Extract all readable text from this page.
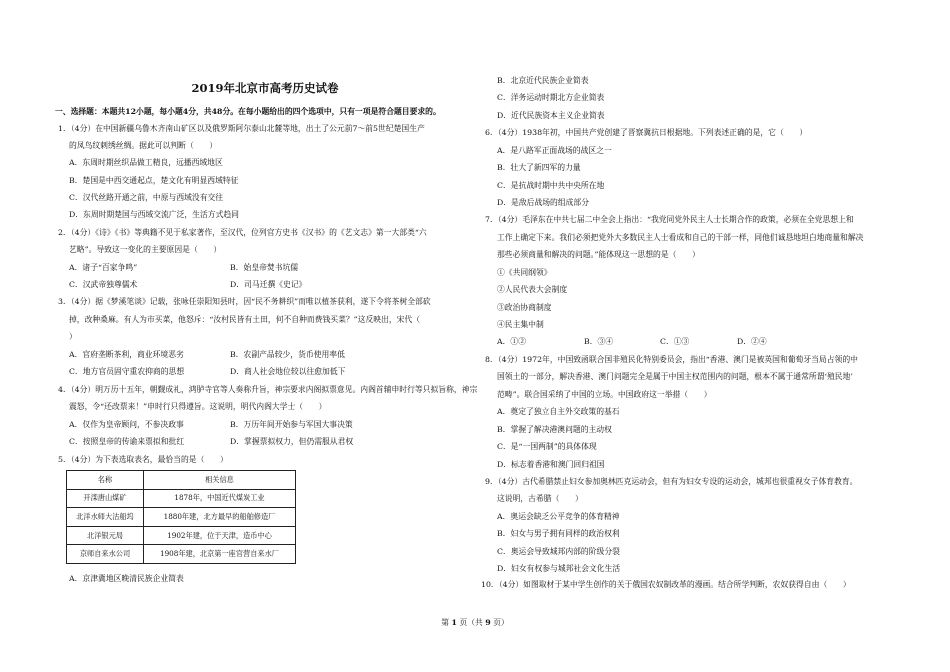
2019年北京市高考历史试卷
一、选择题：本题共12小题，每小题4分，共48分。在每小题给出的四个选项中，只有一项是符合题目要求的。
1．（4分）在中国新疆乌鲁木齐南山矿区以及俄罗斯阿尔泰山北麓等地，出土了公元前7～前5世纪楚国生产
的凤鸟纹刺绣丝绸。据此可以判断（　　）
A．东周时期丝织品做工精良，远播西域地区
B．楚国是中西交通起点，楚文化有明显西域特征
C．汉代丝路开通之前，中原与西域没有交往
D．东周时期楚国与西域交流广泛，生活方式趋同
2．（4分）《诗》《书》等典籍不见于私家著作，至汉代，位列官方史书《汉书》的《艺文志》第一大部类“六
艺略”。导致这一变化的主要原因是（　　）
A．诸子“百家争鸣”	B．始皇帝焚书坑儒
C．汉武帝独尊儒术	D．司马迁撰《史记》
3．（4分）据《梦溪笔谈》记载，张咏任崇阳知县时，因“民不务耕织”而唯以植茶获利，遂下令将茶树全部砍
掉，改种桑麻。有人为市买菜，他怒斥：“汝村民皆有土田，何不自种而费钱买菜？”这反映出，宋代（
）
A．官府垄断茶利，商业环境恶劣	B．农副产品较少，货币使用率低
C．地方官员固守重农抑商的思想	D．商人社会地位较以往愈加低下
4．（4分）明万历十五年，朝觐成礼，鸿胪寺官等人奏称升旨，神宗要求内阁拟票意见。内阁首辅申时行等只拟旨称，神宗
震怒，令“还改票来！”申时行只得遵旨。这说明，明代内阁大学士（　　）
A．仅作为皇帝顾问，不参决政事	B．万历年间开始参与军国大事决策
C．按照皇帝的传谕来票拟和批红	D．掌握票拟权力，但仍需服从君权
5．（4分）为下表选取表名，最恰当的是（　　）
名称	相关信息
开滦唐山煤矿	1878年，中国近代煤炭工业
北洋水师大沽船坞	1880年建，北方最早的船舶修造厂
北洋银元局	1902年建，位于天津，造币中心
京师自来水公司	1908年建，北京第一座官营自来水厂
A．京津冀地区晚清民族企业简表
B．北京近代民族企业简表
C．洋务运动时期北方企业简表
D．近代民族资本主义企业简表
6．（4分）1938年初，中国共产党创建了晋察冀抗日根据地。下列表述正确的是，它（　　）
A．是八路军正面战场的战区之一
B．壮大了新四军的力量
C．是抗战时期中共中央所在地
D．是敌后战场的组成部分
7．（4分）毛泽东在中共七届二中全会上指出：“我党同党外民主人士长期合作的政策，必须在全党思想上和
工作上确定下来。我们必须把党外大多数民主人士看成和自己的干部一样，同他们诚恳地坦白地商量和解决
那些必须商量和解决的问题。”能体现这一思想的是（　　）
①《共同纲领》
②人民代表大会制度
③政治协商制度
④民主集中制
A．①②	B．③④	C．①③	D．②④
8．（4分）1972年，中国致函联合国非殖民化特别委员会，指出“香港、澳门是被英国和葡萄牙当局占领的中
国领土的一部分，解决香港、澳门问题完全是属于中国主权范围内的问题，根本不属于通常所谓‘殖民地’
范畴”。联合国采纳了中国的立场。中国政府这一举措（　　）
A．奠定了独立自主外交政策的基石
B．掌握了解决港澳问题的主动权
C．是“一国两制”的具体体现
D．标志着香港和澳门回归祖国
9．（4分）古代希腊禁止妇女参加奥林匹克运动会，但有为妇女专设的运动会，城邦也很重视女子体育教育。
这说明，古希腊（　　）
A．奥运会缺乏公平竞争的体育精神
B．妇女与男子拥有同样的政治权利
C．奥运会导致城邦内部的阶级分裂
D．妇女有权参与城邦社会文化生活
10．（4分）如图取材于某中学生创作的关于俄国农奴制改革的漫画。结合所学判断，农奴获得自由（　　）
第 1 页（共 9 页）
